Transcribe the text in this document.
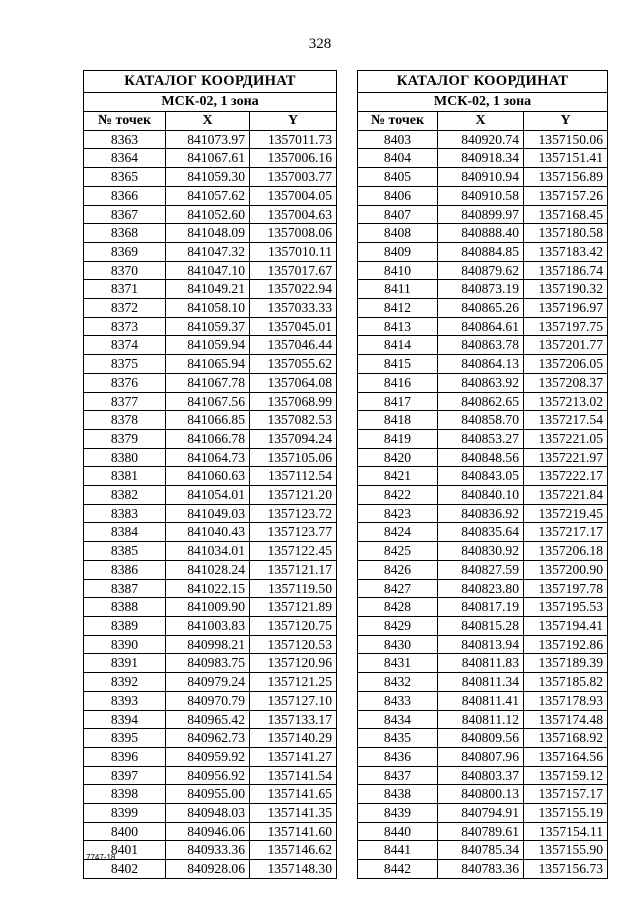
328
КАТАЛОГ КООРДИНАТ		
МСК-02, 1 зона		
№ точек	X	Y
8363	841073.97	1357011.73
8364	841067.61	1357006.16
8365	841059.30	1357003.77
8366	841057.62	1357004.05
8367	841052.60	1357004.63
8368	841048.09	1357008.06
8369	841047.32	1357010.11
8370	841047.10	1357017.67
8371	841049.21	1357022.94
8372	841058.10	1357033.33
8373	841059.37	1357045.01
8374	841059.94	1357046.44
8375	841065.94	1357055.62
8376	841067.78	1357064.08
8377	841067.56	1357068.99
8378	841066.85	1357082.53
8379	841066.78	1357094.24
8380	841064.73	1357105.06
8381	841060.63	1357112.54
8382	841054.01	1357121.20
8383	841049.03	1357123.72
8384	841040.43	1357123.77
8385	841034.01	1357122.45
8386	841028.24	1357121.17
8387	841022.15	1357119.50
8388	841009.90	1357121.89
8389	841003.83	1357120.75
8390	840998.21	1357120.53
8391	840983.75	1357120.96
8392	840979.24	1357121.25
8393	840970.79	1357127.10
8394	840965.42	1357133.17
8395	840962.73	1357140.29
8396	840959.92	1357141.27
8397	840956.92	1357141.54
8398	840955.00	1357141.65
8399	840948.03	1357141.35
8400	840946.06	1357141.60
8401	840933.36	1357146.62
8402	840928.06	1357148.30
КАТАЛОГ КООРДИНАТ		
МСК-02, 1 зона		
№ точек	X	Y
8403	840920.74	1357150.06
8404	840918.34	1357151.41
8405	840910.94	1357156.89
8406	840910.58	1357157.26
8407	840899.97	1357168.45
8408	840888.40	1357180.58
8409	840884.85	1357183.42
8410	840879.62	1357186.74
8411	840873.19	1357190.32
8412	840865.26	1357196.97
8413	840864.61	1357197.75
8414	840863.78	1357201.77
8415	840864.13	1357206.05
8416	840863.92	1357208.37
8417	840862.65	1357213.02
8418	840858.70	1357217.54
8419	840853.27	1357221.05
8420	840848.56	1357221.97
8421	840843.05	1357222.17
8422	840840.10	1357221.84
8423	840836.92	1357219.45
8424	840835.64	1357217.17
8425	840830.92	1357206.18
8426	840827.59	1357200.90
8427	840823.80	1357197.78
8428	840817.19	1357195.53
8429	840815.28	1357194.41
8430	840813.94	1357192.86
8431	840811.83	1357189.39
8432	840811.34	1357185.82
8433	840811.41	1357178.93
8434	840811.12	1357174.48
8435	840809.56	1357168.92
8436	840807.96	1357164.56
8437	840803.37	1357159.12
8438	840800.13	1357157.17
8439	840794.91	1357155.19
8440	840789.61	1357154.11
8441	840785.34	1357155.90
8442	840783.36	1357156.73
7747-18
